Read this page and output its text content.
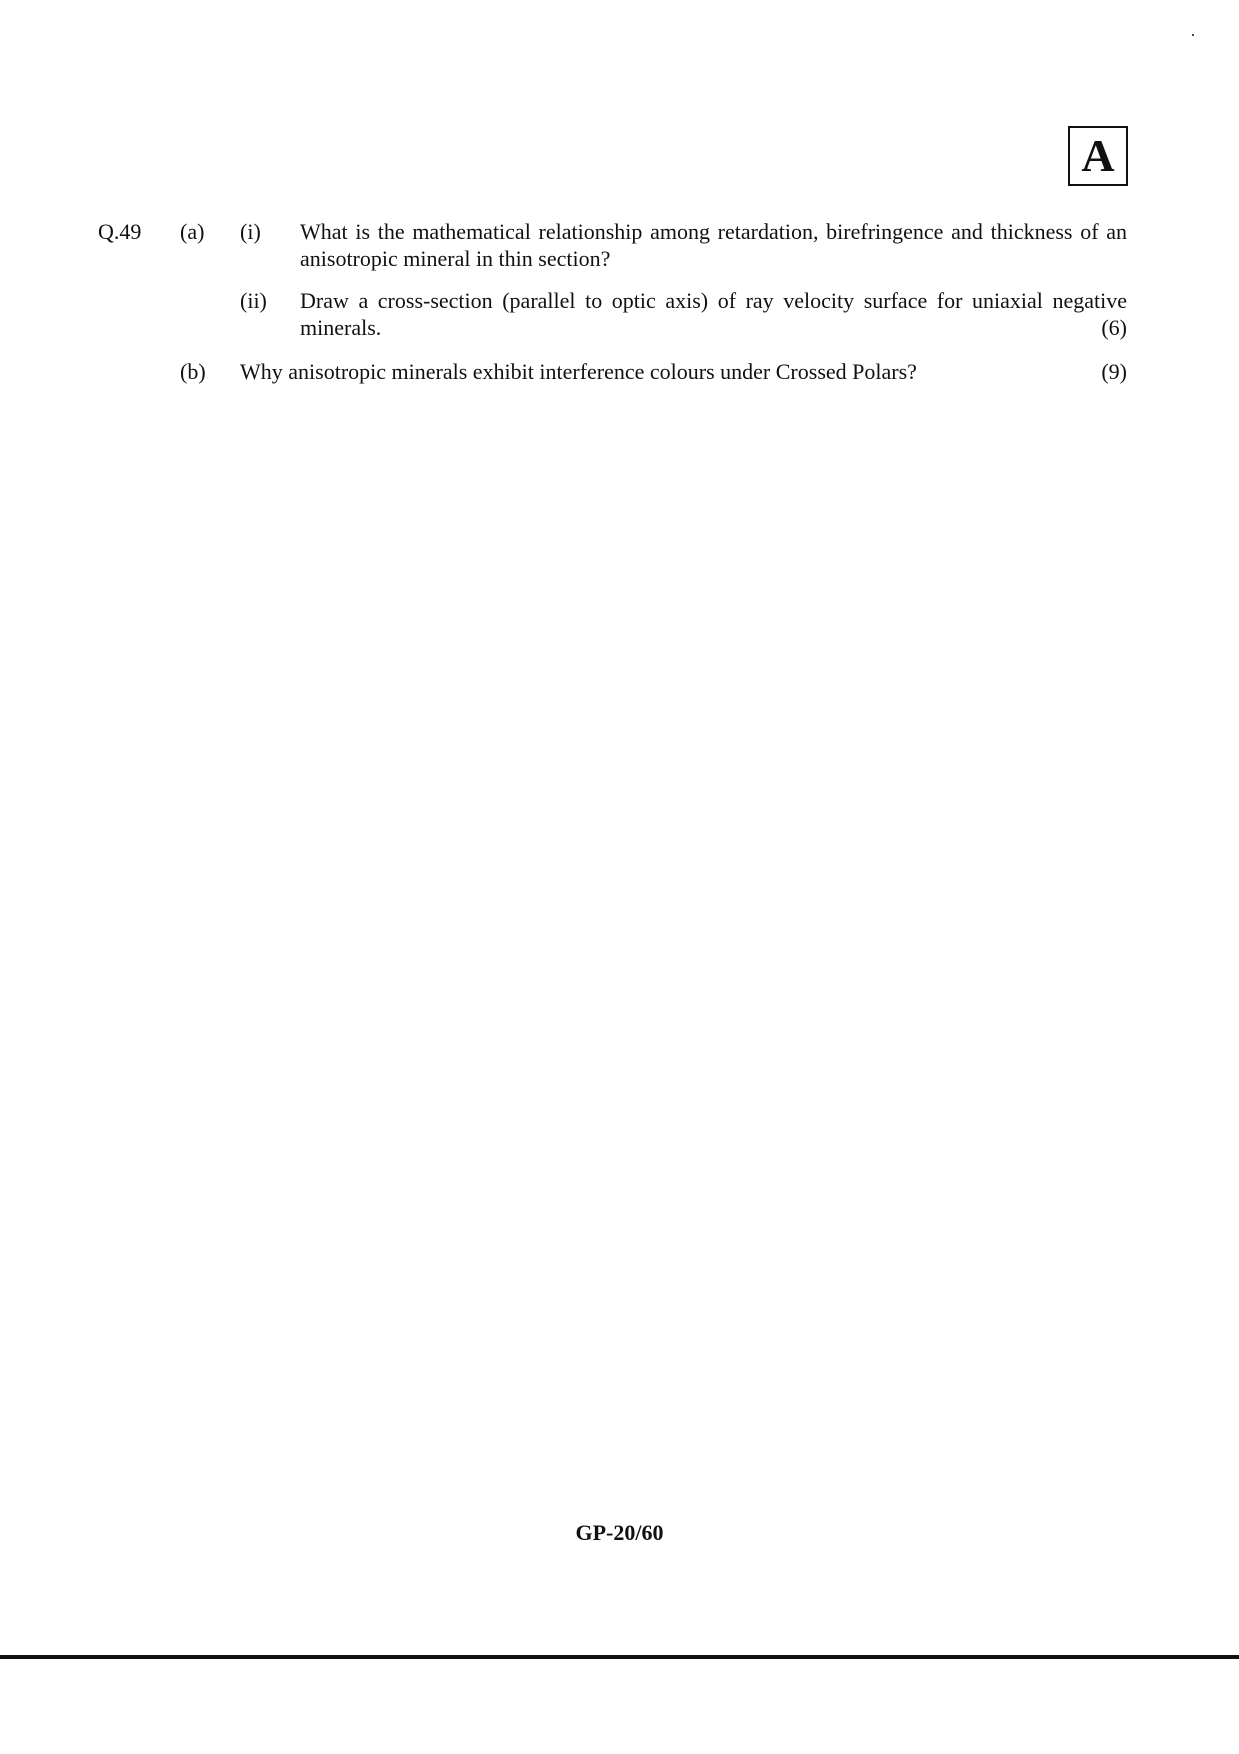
A
Q.49 (a) (i) What is the mathematical relationship among retardation, birefringence and thickness of an anisotropic mineral in thin section?
(ii) Draw a cross-section (parallel to optic axis) of ray velocity surface for uniaxial negative minerals.	(6)
(b) Why anisotropic minerals exhibit interference colours under Crossed Polars?	(9)
GP-20/60
